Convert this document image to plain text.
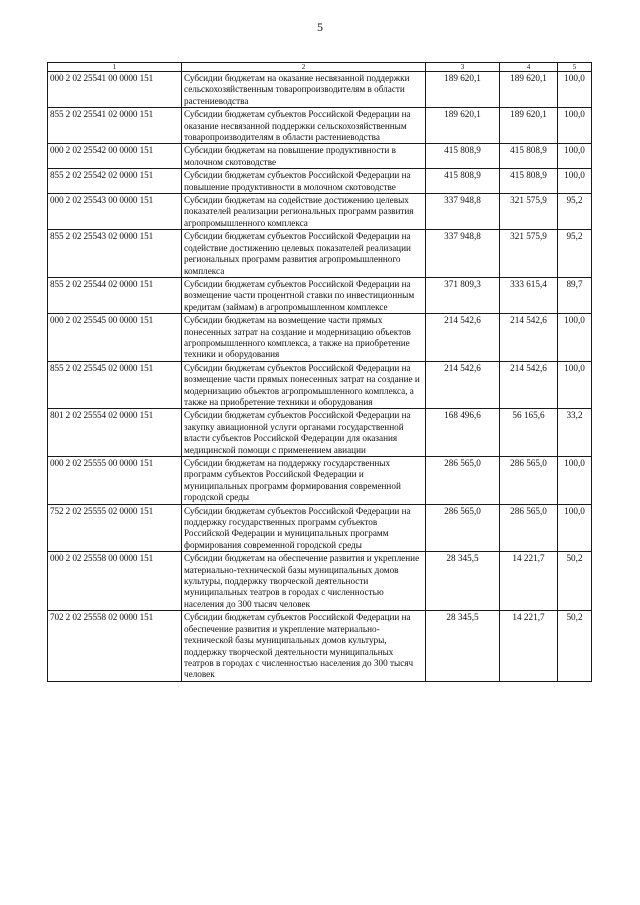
5
1	2	3	4	5
000 2 02 25541 00 0000 151	Субсидии бюджетам на оказание несвязанной поддержки сельскохозяйственным товаропроизводителям в области растениеводства	189 620,1	189 620,1	100,0
855 2 02 25541 02 0000 151	Субсидии бюджетам субъектов Российской Федерации на оказание несвязанной поддержки сельскохозяйственным товаропроизводителям в области растениеводства	189 620,1	189 620,1	100,0
000 2 02 25542 00 0000 151	Субсидии бюджетам на повышение продуктивности в молочном скотоводстве	415 808,9	415 808,9	100,0
855 2 02 25542 02 0000 151	Субсидии бюджетам субъектов Российской Федерации на повышение продуктивности в молочном скотоводстве	415 808,9	415 808,9	100,0
000 2 02 25543 00 0000 151	Субсидии бюджетам на содействие достижению целевых показателей реализации региональных программ развития агропромышленного комплекса	337 948,8	321 575,9	95,2
855 2 02 25543 02 0000 151	Субсидии бюджетам субъектов Российской Федерации на содействие достижению целевых показателей реализации региональных программ развития агропромышленного комплекса	337 948,8	321 575,9	95,2
855 2 02 25544 02 0000 151	Субсидии бюджетам субъектов Российской Федерации на возмещение части процентной ставки по инвестиционным кредитам (займам) в агропромышленном комплексе	371 809,3	333 615,4	89,7
000 2 02 25545 00 0000 151	Субсидии бюджетам на возмещение части прямых понесенных затрат на создание и модернизацию объектов агропромышленного комплекса, а также на приобретение техники и оборудования	214 542,6	214 542,6	100,0
855 2 02 25545 02 0000 151	Субсидии бюджетам субъектов Российской Федерации на возмещение части прямых понесенных затрат на создание и модернизацию объектов агропромышленного комплекса, а также на приобретение техники и оборудования	214 542,6	214 542,6	100,0
801 2 02 25554 02 0000 151	Субсидии бюджетам субъектов Российской Федерации на закупку авиационной услуги органами государственной власти субъектов Российской Федерации для оказания медицинской помощи с применением авиации	168 496,6	56 165,6	33,2
000 2 02 25555 00 0000 151	Субсидии бюджетам на поддержку государственных программ субъектов Российской Федерации и муниципальных программ формирования современной городской среды	286 565,0	286 565,0	100,0
752 2 02 25555 02 0000 151	Субсидии бюджетам субъектов Российской Федерации на поддержку государственных программ субъектов Российской Федерации и муниципальных программ формирования современной городской среды	286 565,0	286 565,0	100,0
000 2 02 25558 00 0000 151	Субсидии бюджетам на обеспечение развития и укрепление материально-технической базы муниципальных домов культуры, поддержку творческой деятельности муниципальных театров в городах с численностью населения до 300 тысяч человек	28 345,5	14 221,7	50,2
702 2 02 25558 02 0000 151	Субсидии бюджетам субъектов Российской Федерации на обеспечение развития и укрепление материально-технической базы муниципальных домов культуры, поддержку творческой деятельности муниципальных театров в городах с численностью населения до 300 тысяч человек	28 345,5	14 221,7	50,2
